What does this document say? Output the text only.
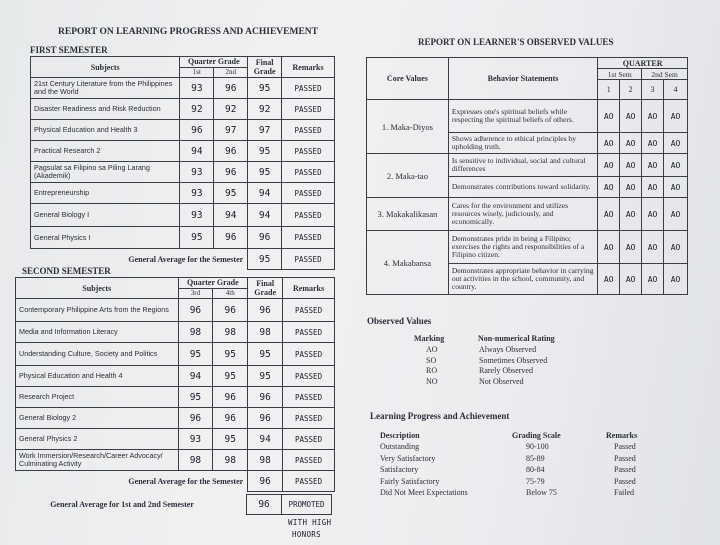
REPORT ON LEARNING PROGRESS AND ACHIEVEMENT
FIRST SEMESTER
Subjects	Quarter Grade		Final Grade	Remarks
	1st	2nd		
21st Century Literature from the Philippines and the World	93	96	95	PASSED
Disaster Readiness and Risk Reduction	92	92	92	PASSED
Physical Education and Health 3	96	97	97	PASSED
Practical Research 2	94	96	95	PASSED
Pagsulat sa Filipino sa Piling Larang (Akademik)	93	96	95	PASSED
Entrepreneurship	93	95	94	PASSED
General Biology I	93	94	94	PASSED
General Physics I	95	96	96	PASSED
General Average for the Semester			95	PASSED
SECOND SEMESTER
Subjects	Quarter Grade		Final Grade	Remarks
	3rd	4th		
Contemporary Philippine Arts from the Regions	96	96	96	PASSED
Media and Information Literacy	98	98	98	PASSED
Understanding Culture, Society and Politics	95	95	95	PASSED
Physical Education and Health 4	94	95	95	PASSED
Research Project	95	96	96	PASSED
General Biology 2	96	96	96	PASSED
General Physics 2	93	95	94	PASSED
Work Immersion/Research/Career Advocacy/ Culminating Activity	98	98	98	PASSED
General Average for the Semester			96	PASSED
General Average for 1st and 2nd Semester	96	PROMOTED
WITH HIGH
HONORS
REPORT ON LEARNER'S OBSERVED VALUES
Core Values	Behavior Statements	QUARTER			
		1st Sem		2nd Sem	
		1	2	3	4
1. Maka-Diyos	Expresses one's spiritual beliefs while respecting the spiritual beliefs of others.	AO	AO	AO	AO
	Shows adherence to ethical principles by upholding truth.	AO	AO	AO	AO
2. Maka-tao	Is sensitive to individual, social and cultural differences	AO	AO	AO	AO
	Demonstrates contributions toward solidarity.	AO	AO	AO	AO
3. Makakalikasan	Cares for the environment and utilizes resources wisely, judiciously, and economically.	AO	AO	AO	AO
4. Makabansa	Demonstrates pride in being a Filipino; exercises the rights and responsibilities of a Filipino citizen.	AO	AO	AO	AO
	Demonstrates appropriate behavior in carrying out activities in the school, community, and country.	AO	AO	AO	AO
Observed Values
Marking	Non-numerical Rating
AO	Always Observed
SO	Sometimes Observed
RO	Rarely Observed
NO	Not Observed
Learning Progress and Achievement
Description	Grading Scale	Remarks
Outstanding	90-100	Passed
Very Satisfactory	85-89	Passed
Satisfactory	80-84	Passed
Fairly Satisfactory	75-79	Passed
Did Not Meet Expectations	Below 75	Failed
